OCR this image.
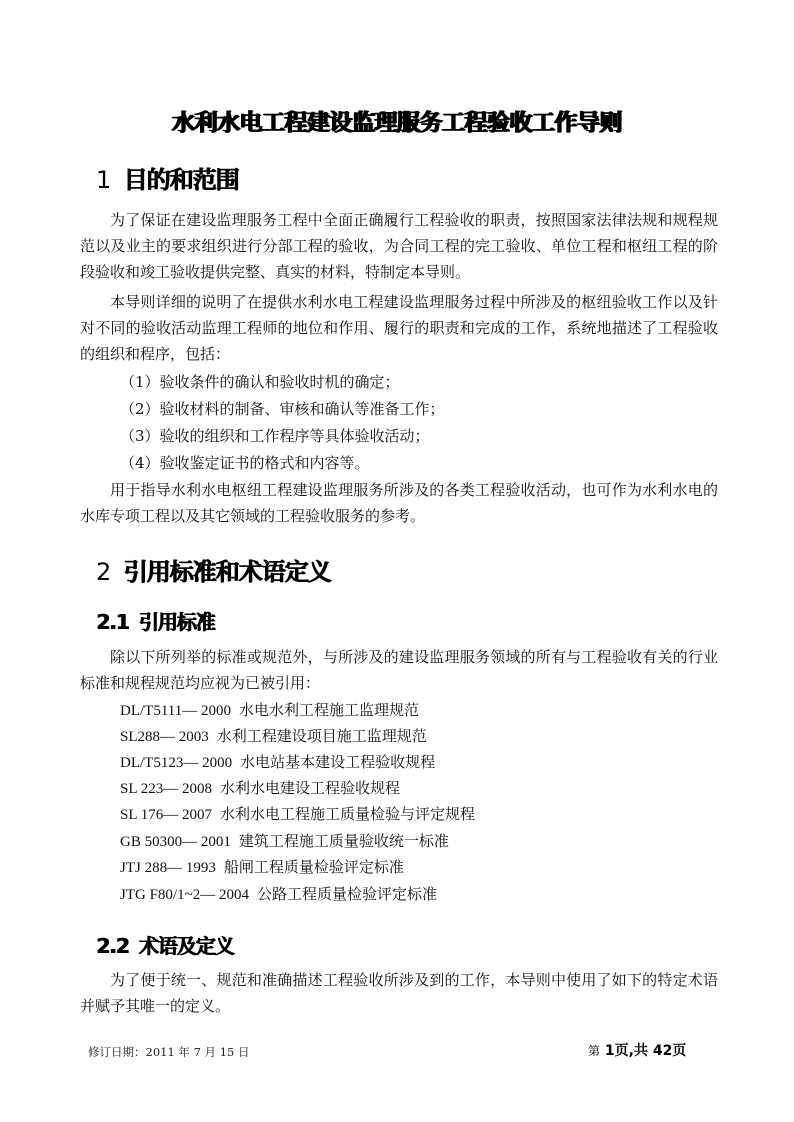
水利水电工程建设监理服务工程验收工作导则
1 目的和范围

为了保证在建设监理服务工程中全面正确履行工程验收的职责，按照国家法律法规和规程规范以及业主的要求组织进行分部工程的验收，为合同工程的完工验收、单位工程和枢纽工程的阶段验收和竣工验收提供完整、真实的材料，特制定本导则。

本导则详细的说明了在提供水利水电工程建设监理服务过程中所涉及的枢纽验收工作以及针对不同的验收活动监理工程师的地位和作用、履行的职责和完成的工作，系统地描述了工程验收的组织和程序，包括：

（1）验收条件的确认和验收时机的确定；
（2）验收材料的制备、审核和确认等准备工作；
（3）验收的组织和工作程序等具体验收活动；
（4）验收鉴定证书的格式和内容等。

用于指导水利水电枢纽工程建设监理服务所涉及的各类工程验收活动，也可作为水利水电的水库专项工程以及其它领域的工程验收服务的参考。

2 引用标准和术语定义
2.1 引用标准

除以下所列举的标准或规范外，与所涉及的建设监理服务领域的所有与工程验收有关的行业标准和规程规范均应视为已被引用：

DL/T5111— 2000 水电水利工程施工监理规范
SL288— 2003 水利工程建设项目施工监理规范
DL/T5123— 2000 水电站基本建设工程验收规程
SL 223— 2008 水利水电建设工程验收规程
SL 176— 2007 水利水电工程施工质量检验与评定规程
GB 50300— 2001 建筑工程施工质量验收统一标准
JTJ 288— 1993 船闸工程质量检验评定标准
JTG F80/1~2— 2004 公路工程质量检验评定标准
2.2 术语及定义

为了便于统一、规范和准确描述工程验收所涉及到的工作，本导则中使用了如下的特定术语并赋予其唯一的定义。

修订日期：2011 年 7 月 15 日	第 1页,共 42页
